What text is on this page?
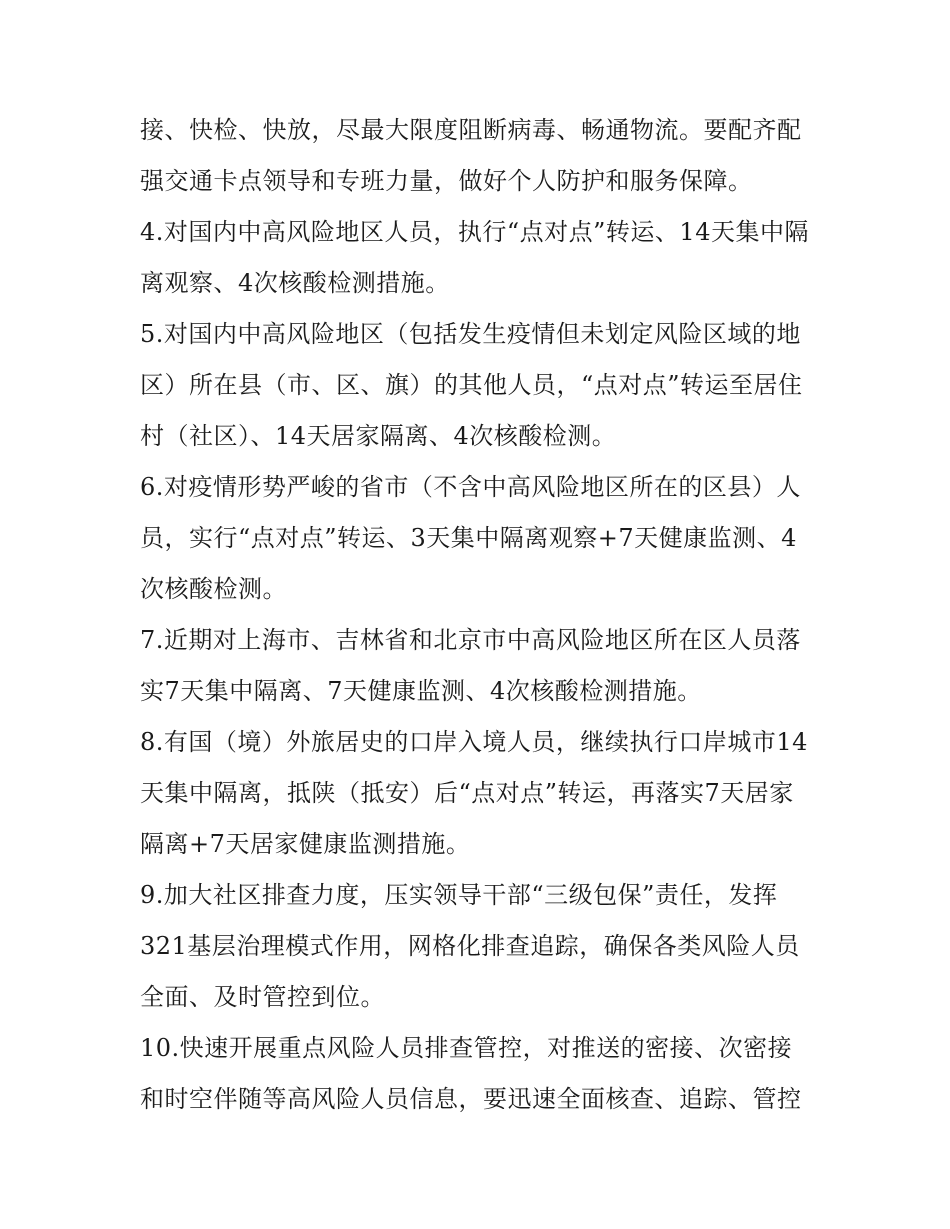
接、快检、快放，尽最大限度阻断病毒、畅通物流。要配齐配
强交通卡点领导和专班力量，做好个人防护和服务保障。
4.对国内中高风险地区人员，执行“点对点”转运、14天集中隔
离观察、4次核酸检测措施。
5.对国内中高风险地区（包括发生疫情但未划定风险区域的地
区）所在县（市、区、旗）的其他人员，“点对点”转运至居住
村（社区）、14天居家隔离、4次核酸检测。
6.对疫情形势严峻的省市（不含中高风险地区所在的区县）人
员，实行“点对点”转运、3天集中隔离观察+7天健康监测、4
次核酸检测。
7.近期对上海市、吉林省和北京市中高风险地区所在区人员落
实7天集中隔离、7天健康监测、4次核酸检测措施。
8.有国（境）外旅居史的口岸入境人员，继续执行口岸城市14
天集中隔离，抵陕（抵安）后“点对点”转运，再落实7天居家
隔离+7天居家健康监测措施。
9.加大社区排查力度，压实领导干部“三级包保”责任，发挥
321基层治理模式作用，网格化排查追踪，确保各类风险人员
全面、及时管控到位。
10.快速开展重点风险人员排查管控，对推送的密接、次密接
和时空伴随等高风险人员信息，要迅速全面核查、追踪、管控
